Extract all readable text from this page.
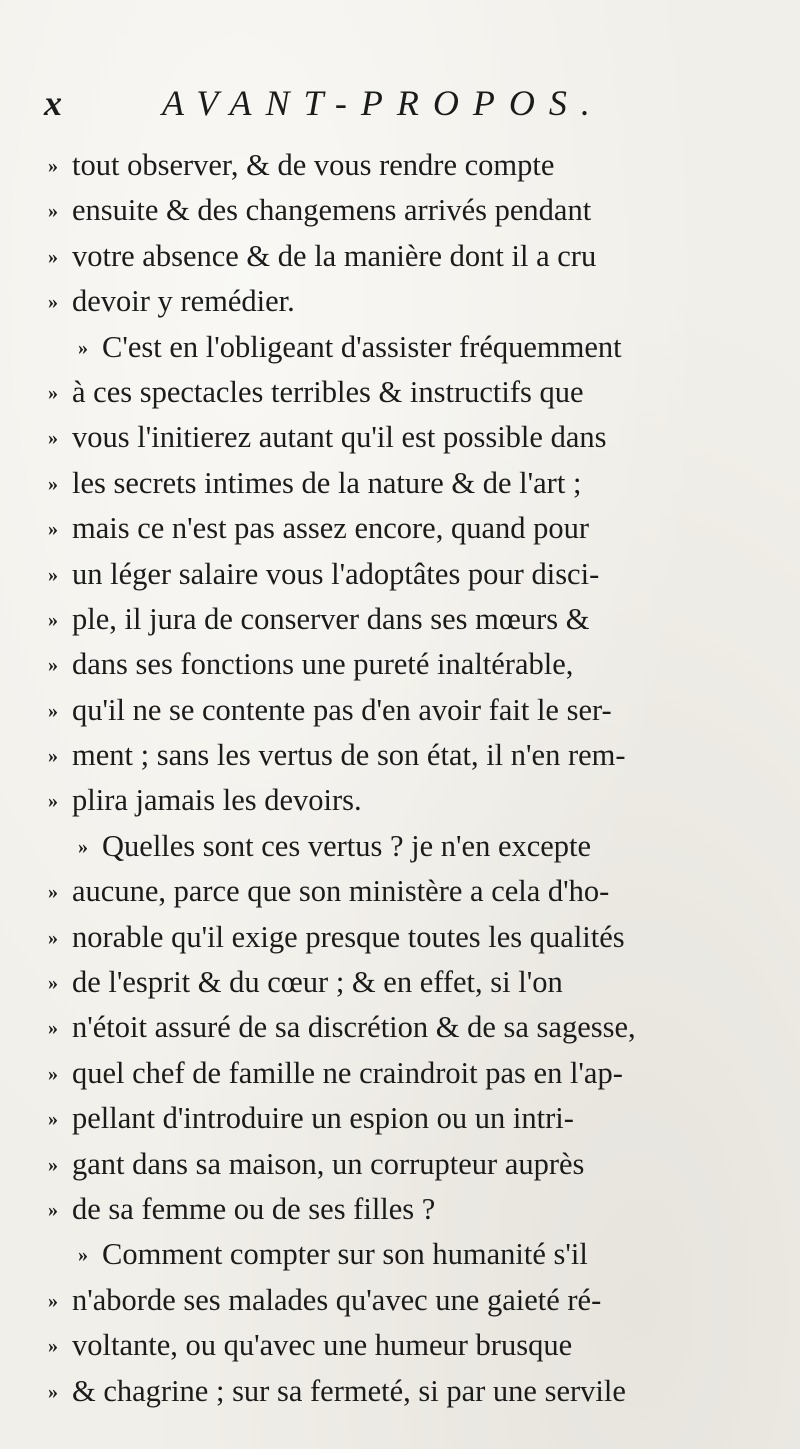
x	AVANT-PROPOS.
» tout observer, & de vous rendre compte
» ensuite & des changemens arrivés pendant
» votre absence & de la manière dont il a cru
» devoir y remédier.
» C'est en l'obligeant d'assister fréquemment
» à ces spectacles terribles & instructifs que
» vous l'initierez autant qu'il est possible dans
» les secrets intimes de la nature & de l'art ;
» mais ce n'est pas assez encore, quand pour
» un léger salaire vous l'adoptâtes pour disci-
» ple, il jura de conserver dans ses mœurs &
» dans ses fonctions une pureté inaltérable,
» qu'il ne se contente pas d'en avoir fait le ser-
» ment ; sans les vertus de son état, il n'en rem-
» plira jamais les devoirs.
» Quelles sont ces vertus ? je n'en excepte
» aucune, parce que son ministère a cela d'ho-
» norable qu'il exige presque toutes les qualités
» de l'esprit & du cœur ; & en effet, si l'on
» n'étoit assuré de sa discrétion & de sa sagesse,
» quel chef de famille ne craindroit pas en l'ap-
» pellant d'introduire un espion ou un intri-
» gant dans sa maison, un corrupteur auprès
» de sa femme ou de ses filles ?
» Comment compter sur son humanité s'il
» n'aborde ses malades qu'avec une gaieté ré-
» voltante, ou qu'avec une humeur brusque
» & chagrine ; sur sa fermeté, si par une servile
